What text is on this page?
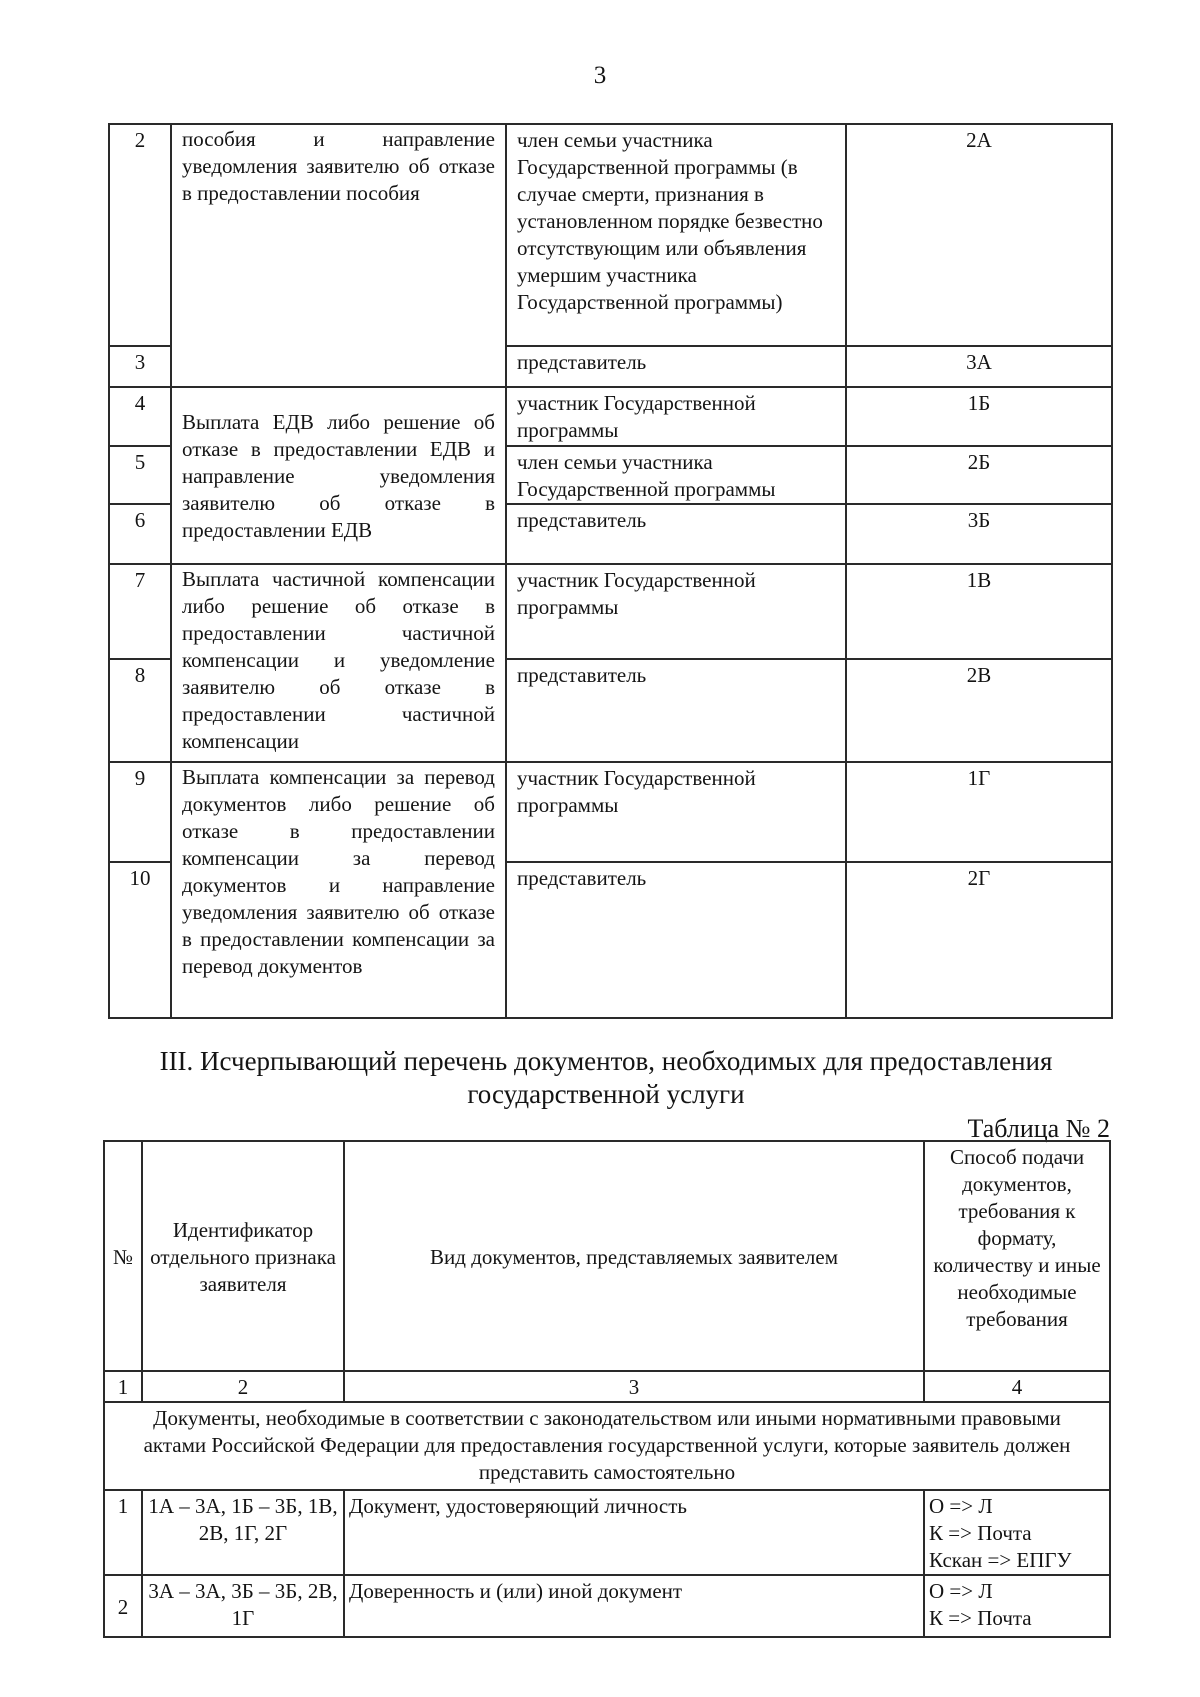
3
2	пособия и направление уведомления заявителю об отказе в предоставлении пособия	член семьи участника Государственной программы (в случае смерти, признания в установленном порядке безвестно отсутствующим или объявления умершим участника Государственной программы)	2А
3		представитель	3А
4	Выплата ЕДВ либо решение об отказе в предоставлении ЕДВ и направление уведомления заявителю об отказе в предоставлении ЕДВ	участник Государственной программы	1Б
5		член семьи участника Государственной программы	2Б
6		представитель	3Б
7	Выплата частичной компенсации либо решение об отказе в предоставлении частичной компенсации и уведомление заявителю об отказе в предоставлении частичной компенсации	участник Государственной программы	1В
8		представитель	2В
9	Выплата компенсации за перевод документов либо решение об отказе в предоставлении компенсации за перевод документов и направление уведомления заявителю об отказе в предоставлении компенсации за перевод документов	участник Государственной программы	1Г
10		представитель	2Г
III. Исчерпывающий перечень документов, необходимых для предоставления государственной услуги
Таблица № 2
№	Идентификатор отдельного признака заявителя	Вид документов, представляемых заявителем	Способ подачи документов, требования к формату, количеству и иные необходимые требования
1	2	3	4
Документы, необходимые в соответствии с законодательством или иными нормативными правовыми актами Российской Федерации для предоставления государственной услуги, которые заявитель должен представить самостоятельно			
1	1А – 3А, 1Б – 3Б, 1В, 2В, 1Г, 2Г	Документ, удостоверяющий личность	О => Л
К => Почта
Кскан => ЕПГУ

2	3А – 3А, 3Б – 3Б, 2В, 1Г	Доверенность и (или) иной документ	О => Л
К => Почта
